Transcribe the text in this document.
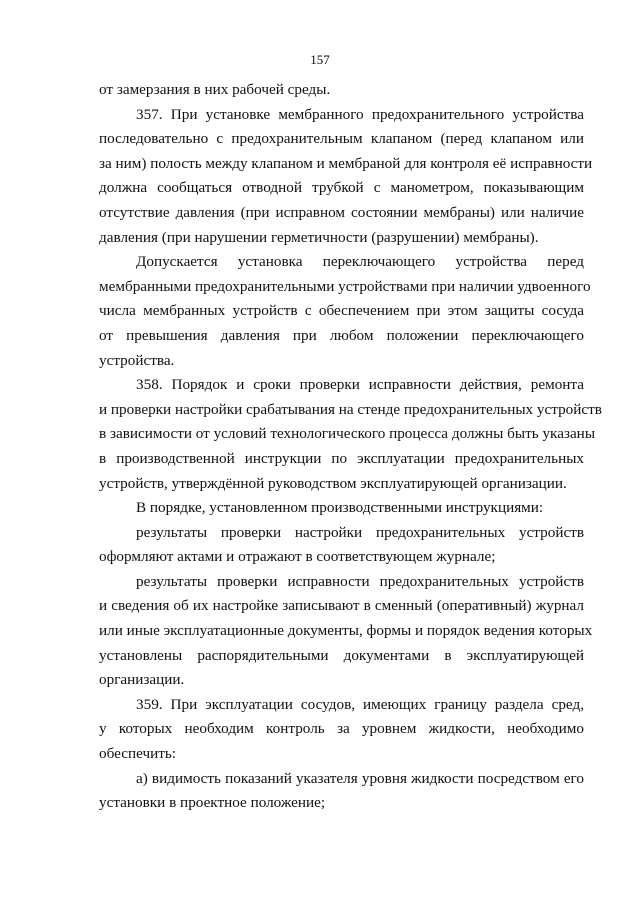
157
от замерзания в них рабочей среды.
357. При установке мембранного предохранительного устройства
последовательно с предохранительным клапаном (перед клапаном или
за ним) полость между клапаном и мембраной для контроля её исправности
должна сообщаться отводной трубкой с манометром, показывающим
отсутствие давления (при исправном состоянии мембраны) или наличие
давления (при нарушении герметичности (разрушении) мембраны).
Допускается установка переключающего устройства перед
мембранными предохранительными устройствами при наличии удвоенного
числа мембранных устройств с обеспечением при этом защиты сосуда
от превышения давления при любом положении переключающего
устройства.
358. Порядок и сроки проверки исправности действия, ремонта
и проверки настройки срабатывания на стенде предохранительных устройств
в зависимости от условий технологического процесса должны быть указаны
в производственной инструкции по эксплуатации предохранительных
устройств, утверждённой руководством эксплуатирующей организации.
В порядке, установленном производственными инструкциями:
результаты проверки настройки предохранительных устройств
оформляют актами и отражают в соответствующем журнале;
результаты проверки исправности предохранительных устройств
и сведения об их настройке записывают в сменный (оперативный) журнал
или иные эксплуатационные документы, формы и порядок ведения которых
установлены распорядительными документами в эксплуатирующей
организации.
359. При эксплуатации сосудов, имеющих границу раздела сред,
у которых необходим контроль за уровнем жидкости, необходимо
обеспечить:
а) видимость показаний указателя уровня жидкости посредством его
установки в проектное положение;
